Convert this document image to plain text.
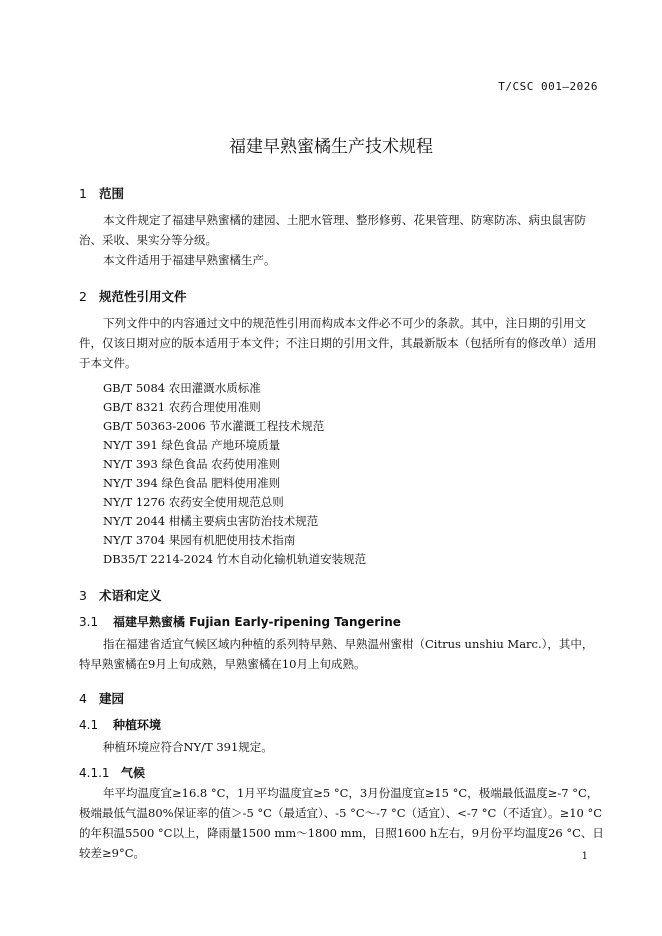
T/CSC 001—2026
福建早熟蜜橘生产技术规程
1 范围
本文件规定了福建早熟蜜橘的建园、土肥水管理、整形修剪、花果管理、防寒防冻、病虫鼠害防治、采收、果实分等分级。
本文件适用于福建早熟蜜橘生产。
2 规范性引用文件
下列文件中的内容通过文中的规范性引用而构成本文件必不可少的条款。其中，注日期的引用文件，仅该日期对应的版本适用于本文件；不注日期的引用文件，其最新版本（包括所有的修改单）适用于本文件。
GB/T 5084 农田灌溉水质标准
GB/T 8321 农药合理使用准则
GB/T 50363-2006 节水灌溉工程技术规范
NY/T 391 绿色食品 产地环境质量
NY/T 393 绿色食品 农药使用准则
NY/T 394 绿色食品 肥料使用准则
NY/T 1276 农药安全使用规范总则
NY/T 2044 柑橘主要病虫害防治技术规范
NY/T 3704 果园有机肥使用技术指南
DB35/T 2214-2024 竹木自动化输机轨道安装规范
3 术语和定义
3.1 福建早熟蜜橘 Fujian Early-ripening Tangerine
指在福建省适宜气候区域内种植的系列特早熟、早熟温州蜜柑（Citrus unshiu Marc.），其中，特早熟蜜橘在9月上旬成熟，早熟蜜橘在10月上旬成熟。
4 建园
4.1 种植环境
种植环境应符合NY/T 391规定。
4.1.1 气候
年平均温度宜≥16.8 °C，1月平均温度宜≥5 °C，3月份温度宜≥15 °C，极端最低温度≥-7 °C，极端最低气温80%保证率的值＞-5 °C（最适宜）、-5 °C～-7 °C（适宜）、<-7 °C（不适宜）。≥10 °C的年积温5500 °C以上，降雨量1500 mm～1800 mm，日照1600 h左右，9月份平均温度26 °C、日较差≥9°C。	1
